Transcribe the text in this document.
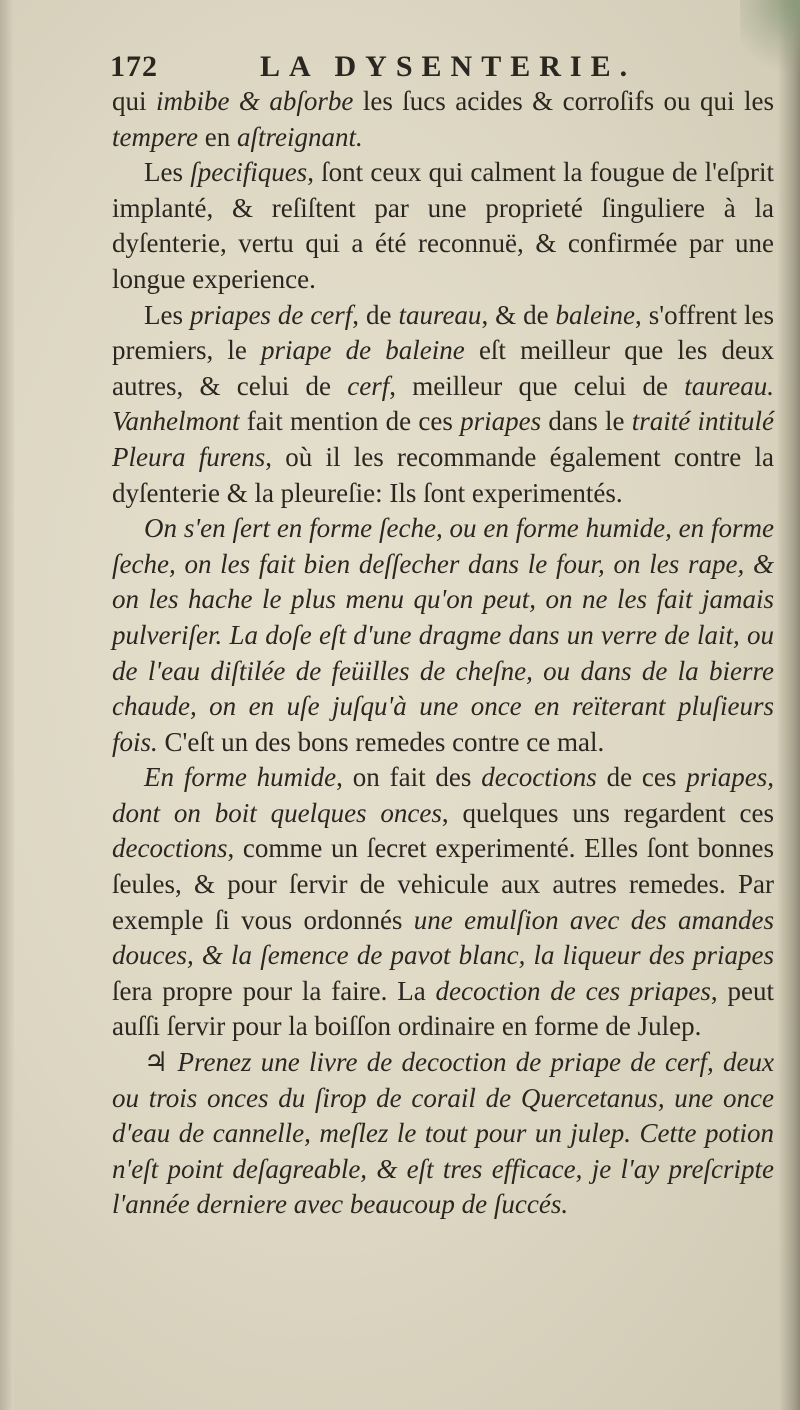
172	LA DYSENTERIE.

qui imbibe & abſorbe les ſucs acides & corroſifs ou qui les tempere en aſtreignant.

Les ſpecifiques, ſont ceux qui calment la fougue de l'eſprit implanté, & reſiſtent par une proprieté ſinguliere à la dyſenterie, vertu qui a été reconnuë, & confirmée par une longue experience.

Les priapes de cerf, de taureau, & de baleine, s'offrent les premiers, le priape de baleine eſt meilleur que les deux autres, & celui de cerf, meilleur que celui de taureau. Vanhelmont fait mention de ces priapes dans le traité intitulé Pleura furens, où il les recommande également contre la dyſenterie & la pleureſie: Ils ſont experimentés.

On s'en ſert en forme ſeche, ou en forme humide, en forme ſeche, on les fait bien deſſecher dans le four, on les rape, & on les hache le plus menu qu'on peut, on ne les fait jamais pulveriſer. La doſe eſt d'une dragme dans un verre de lait, ou de l'eau diſtilée de feüilles de cheſne, ou dans de la bierre chaude, on en uſe juſqu'à une once en reïterant pluſieurs fois. C'eſt un des bons remedes contre ce mal.

En forme humide, on fait des decoctions de ces priapes, dont on boit quelques onces, quelques uns regardent ces decoctions, comme un ſecret experimenté. Elles ſont bonnes ſeules, & pour ſervir de vehicule aux autres remedes. Par exemple ſi vous ordonnés une emulſion avec des amandes douces, & la ſemence de pavot blanc, la liqueur des priapes ſera propre pour la faire. La decoction de ces priapes, peut auſſi ſervir pour la boiſſon ordinaire en forme de Julep.

♃ Prenez une livre de decoction de priape de cerf, deux ou trois onces du ſirop de corail de Quercetanus, une once d'eau de cannelle, meſlez le tout pour un julep. Cette potion n'eſt point deſagreable, & eſt tres efficace, je l'ay preſcripte l'année derniere avec beaucoup de ſuccés.
